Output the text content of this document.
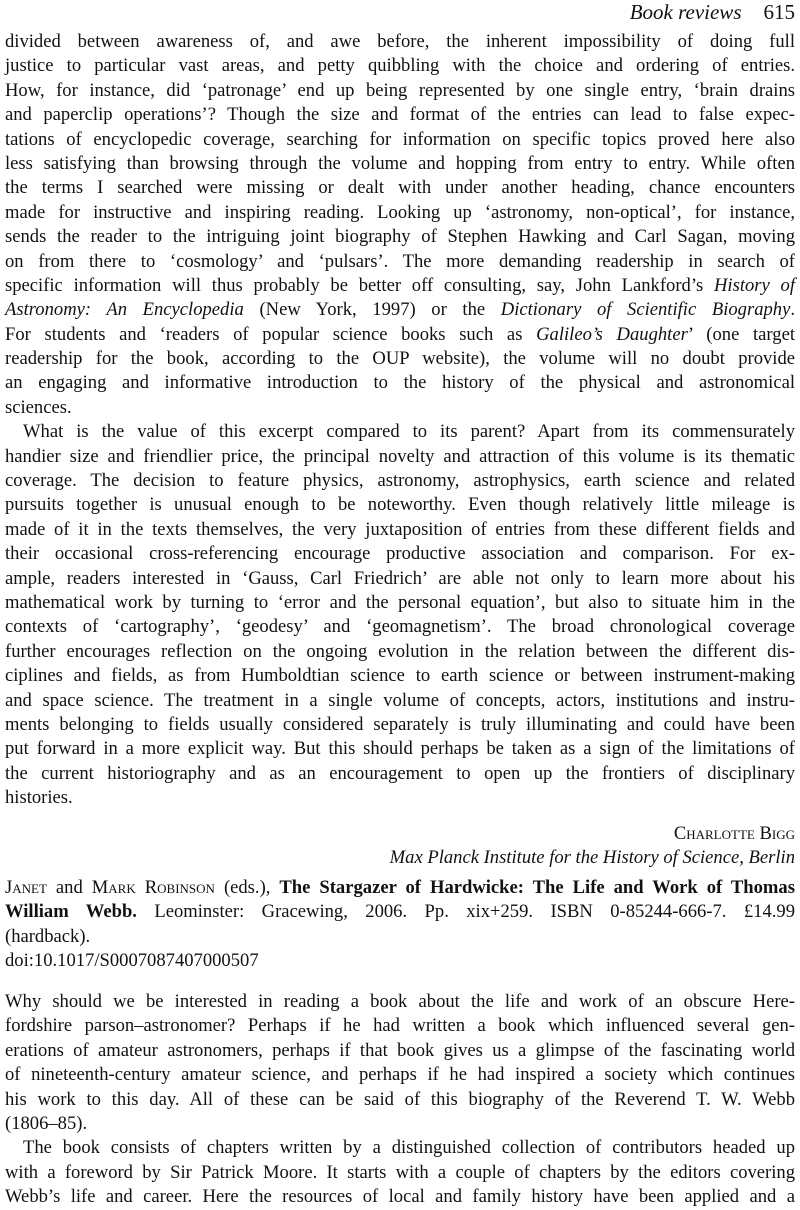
Book reviews 615
divided between awareness of, and awe before, the inherent impossibility of doing full
justice to particular vast areas, and petty quibbling with the choice and ordering of entries.
How, for instance, did ‘patronage’ end up being represented by one single entry, ‘brain drains
and paperclip operations’? Though the size and format of the entries can lead to false expec-
tations of encyclopedic coverage, searching for information on specific topics proved here also
less satisfying than browsing through the volume and hopping from entry to entry. While often
the terms I searched were missing or dealt with under another heading, chance encounters
made for instructive and inspiring reading. Looking up ‘astronomy, non-optical’, for instance,
sends the reader to the intriguing joint biography of Stephen Hawking and Carl Sagan, moving
on from there to ‘cosmology’ and ‘pulsars’. The more demanding readership in search of
specific information will thus probably be better off consulting, say, John Lankford’s History of
Astronomy: An Encyclopedia (New York, 1997) or the Dictionary of Scientific Biography.
For students and ‘readers of popular science books such as Galileo’s Daughter’ (one target
readership for the book, according to the OUP website), the volume will no doubt provide
an engaging and informative introduction to the history of the physical and astronomical
sciences.
What is the value of this excerpt compared to its parent? Apart from its commensurately
handier size and friendlier price, the principal novelty and attraction of this volume is its thematic
coverage. The decision to feature physics, astronomy, astrophysics, earth science and related
pursuits together is unusual enough to be noteworthy. Even though relatively little mileage is
made of it in the texts themselves, the very juxtaposition of entries from these different fields and
their occasional cross-referencing encourage productive association and comparison. For ex-
ample, readers interested in ‘Gauss, Carl Friedrich’ are able not only to learn more about his
mathematical work by turning to ‘error and the personal equation’, but also to situate him in the
contexts of ‘cartography’, ‘geodesy’ and ‘geomagnetism’. The broad chronological coverage
further encourages reflection on the ongoing evolution in the relation between the different dis-
ciplines and fields, as from Humboldtian science to earth science or between instrument-making
and space science. The treatment in a single volume of concepts, actors, institutions and instru-
ments belonging to fields usually considered separately is truly illuminating and could have been
put forward in a more explicit way. But this should perhaps be taken as a sign of the limitations of
the current historiography and as an encouragement to open up the frontiers of disciplinary
histories.
Charlotte Bigg
Max Planck Institute for the History of Science, Berlin
Janet and Mark Robinson (eds.), The Stargazer of Hardwicke: The Life and Work of Thomas
William Webb. Leominster: Gracewing, 2006. Pp. xix+259. ISBN 0-85244-666-7. £14.99
(hardback).
doi:10.1017/S0007087407000507
Why should we be interested in reading a book about the life and work of an obscure Here-
fordshire parson–astronomer? Perhaps if he had written a book which influenced several gen-
erations of amateur astronomers, perhaps if that book gives us a glimpse of the fascinating world
of nineteenth-century amateur science, and perhaps if he had inspired a society which continues
his work to this day. All of these can be said of this biography of the Reverend T. W. Webb
(1806–85).
The book consists of chapters written by a distinguished collection of contributors headed up
with a foreword by Sir Patrick Moore. It starts with a couple of chapters by the editors covering
Webb’s life and career. Here the resources of local and family history have been applied and a
